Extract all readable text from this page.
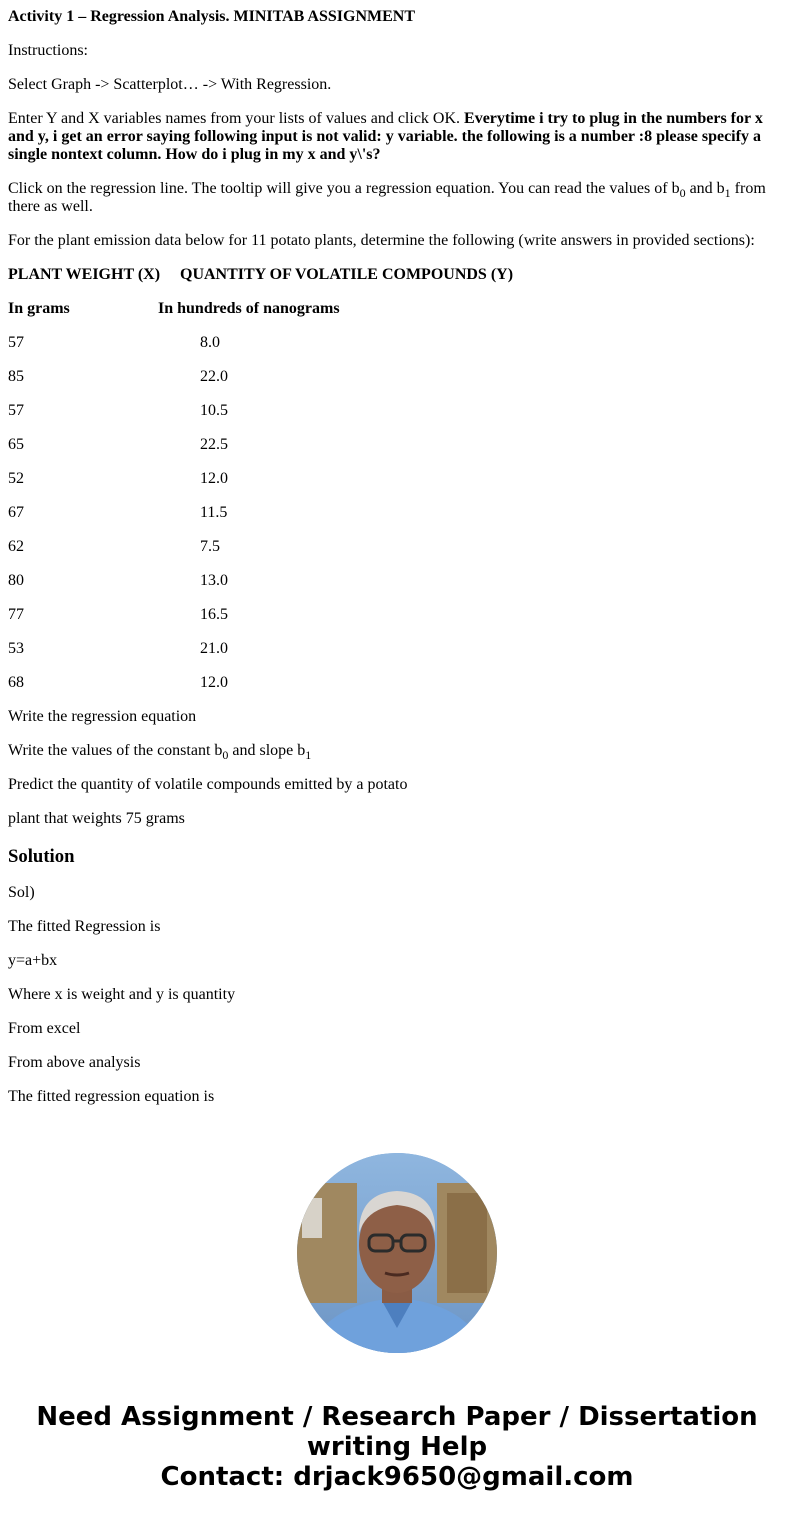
Activity 1 – Regression Analysis. MINITAB ASSIGNMENT

Instructions:

Select Graph -> Scatterplot… -> With Regression.

Enter Y and X variables names from your lists of values and click OK. Everytime i try to plug in the numbers for x and y, i get an error saying following input is not valid: y variable. the following is a number :8 please specify a single nontext column. How do i plug in my x and y\'s?

Click on the regression line. The tooltip will give you a regression equation. You can read the values of $b_0$ and $b_1$ from there as well.

For the plant emission data below for 11 potato plants, determine the following (write answers in provided sections):

PLANT WEIGHT (X)	QUANTITY OF VOLATILE COMPOUNDS (Y)
In grams	In hundreds of nanograms
57	8.0
85	22.0
57	10.5
65	22.5
52	12.0
67	11.5
62	7.5
80	13.0
77	16.5
53	21.0
68	12.0

Write the regression equation

Write the values of the constant $b_0$ and slope $b_1$

Predict the quantity of volatile compounds emitted by a potato

plant that weights 75 grams

Solution

Sol)

The fitted Regression is

y=a+bx

Where x is weight and y is quantity

From excel

From above analysis

The fitted regression equation is

Need Assignment / Research Paper / Dissertation
writing Help
Contact: drjack9650@gmail.com
